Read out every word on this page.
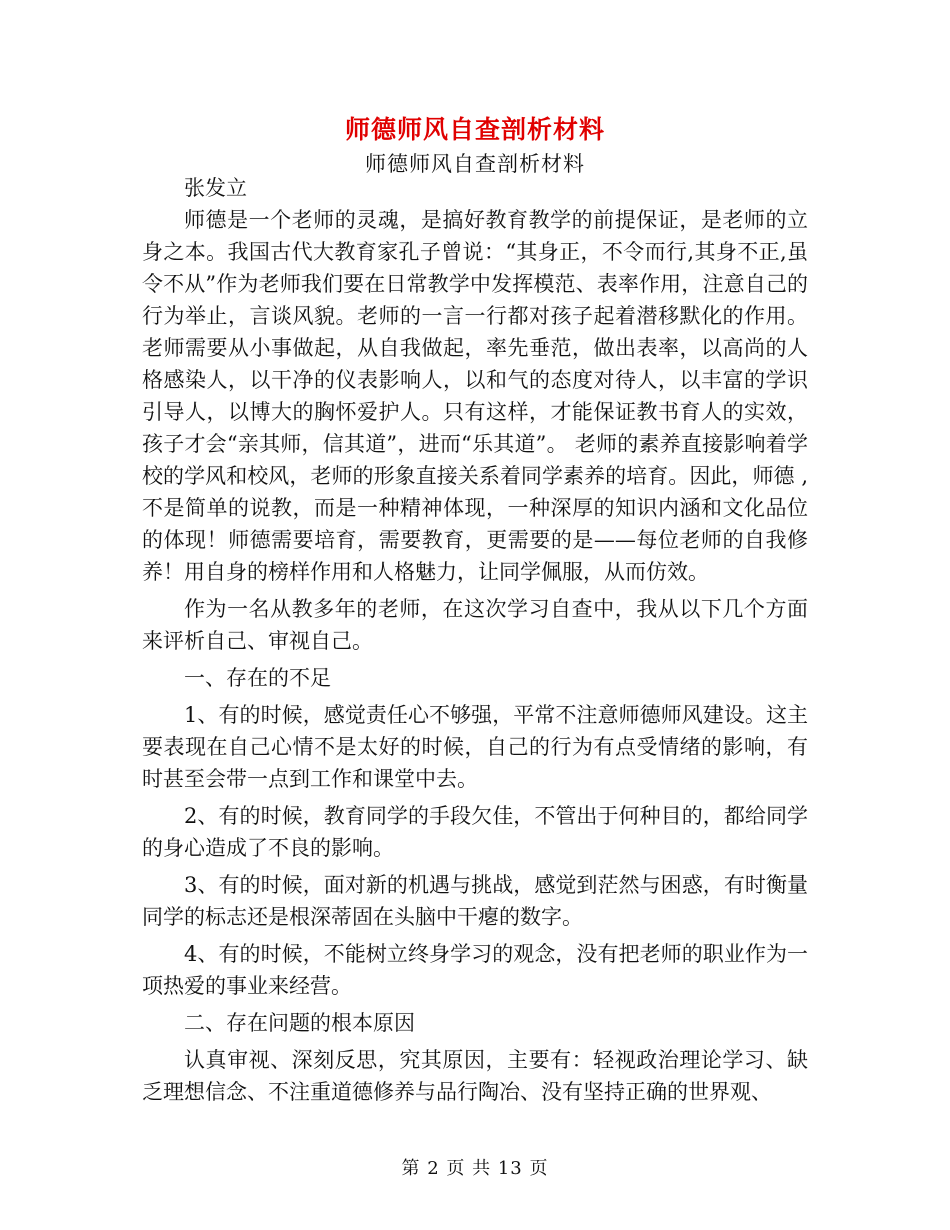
师德师风自查剖析材料
师德师风自查剖析材料

张发立

师德是一个老师的灵魂，是搞好教育教学的前提保证，是老师的立身之本。我国古代大教育家孔子曾说：“其身正，不令而行,其身不正,虽令不从”作为老师我们要在日常教学中发挥模范、表率作用，注意自己的行为举止，言谈风貌。老师的一言一行都对孩子起着潜移默化的作用。老师需要从小事做起，从自我做起，率先垂范，做出表率，以高尚的人格感染人，以干净的仪表影响人，以和气的态度对待人，以丰富的学识引导人，以博大的胸怀爱护人。只有这样，才能保证教书育人的实效，孩子才会“亲其师，信其道”，进而“乐其道”。 老师的素养直接影响着学校的学风和校风，老师的形象直接关系着同学素养的培育。因此，师德 ,不是简单的说教，而是一种精神体现，一种深厚的知识内涵和文化品位的体现！师德需要培育，需要教育，更需要的是——每位老师的自我修养！用自身的榜样作用和人格魅力，让同学佩服，从而仿效。

作为一名从教多年的老师，在这次学习自查中，我从以下几个方面来评析自己、审视自己。

一、存在的不足

1、有的时候，感觉责任心不够强，平常不注意师德师风建设。这主要表现在自己心情不是太好的时候，自己的行为有点受情绪的影响，有时甚至会带一点到工作和课堂中去。

2、有的时候，教育同学的手段欠佳，不管出于何种目的，都给同学的身心造成了不良的影响。

3、有的时候，面对新的机遇与挑战，感觉到茫然与困惑，有时衡量同学的标志还是根深蒂固在头脑中干瘪的数字。

4、有的时候，不能树立终身学习的观念，没有把老师的职业作为一项热爱的事业来经营。

二、存在问题的根本原因

认真审视、深刻反思，究其原因，主要有：轻视政治理论学习、缺乏理想信念、不注重道德修养与品行陶冶、没有坚持正确的世界观、

第 2 页 共 13 页
